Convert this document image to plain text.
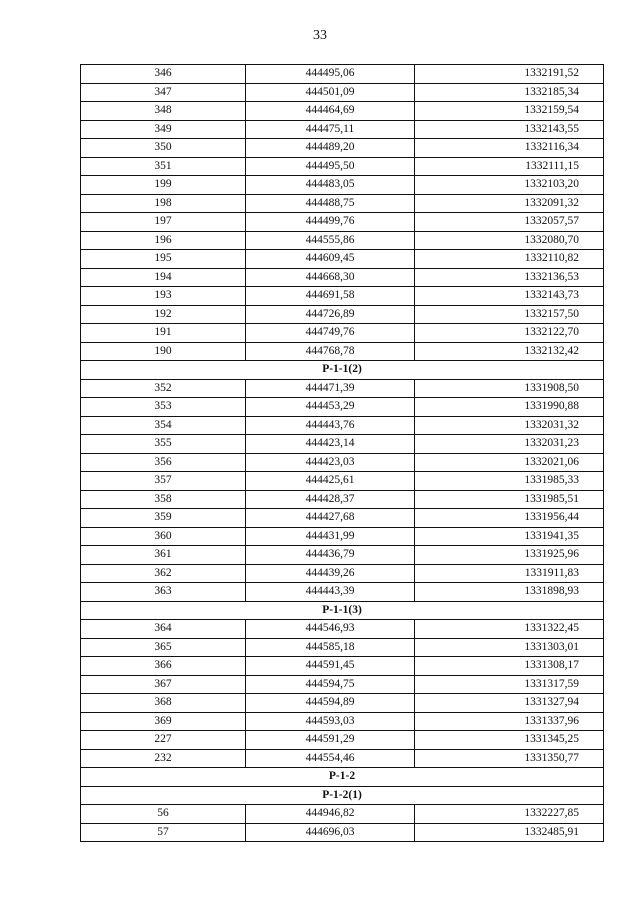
33
346	444495,06	1332191,52
347	444501,09	1332185,34
348	444464,69	1332159,54
349	444475,11	1332143,55
350	444489,20	1332116,34
351	444495,50	1332111,15
199	444483,05	1332103,20
198	444488,75	1332091,32
197	444499,76	1332057,57
196	444555,86	1332080,70
195	444609,45	1332110,82
194	444668,30	1332136,53
193	444691,58	1332143,73
192	444726,89	1332157,50
191	444749,76	1332122,70
190	444768,78	1332132,42
Р-1-1(2)		
352	444471,39	1331908,50
353	444453,29	1331990,88
354	444443,76	1332031,32
355	444423,14	1332031,23
356	444423,03	1332021,06
357	444425,61	1331985,33
358	444428,37	1331985,51
359	444427,68	1331956,44
360	444431,99	1331941,35
361	444436,79	1331925,96
362	444439,26	1331911,83
363	444443,39	1331898,93
Р-1-1(3)		
364	444546,93	1331322,45
365	444585,18	1331303,01
366	444591,45	1331308,17
367	444594,75	1331317,59
368	444594,89	1331327,94
369	444593,03	1331337,96
227	444591,29	1331345,25
232	444554,46	1331350,77
Р-1-2		
Р-1-2(1)		
56	444946,82	1332227,85
57	444696,03	1332485,91
